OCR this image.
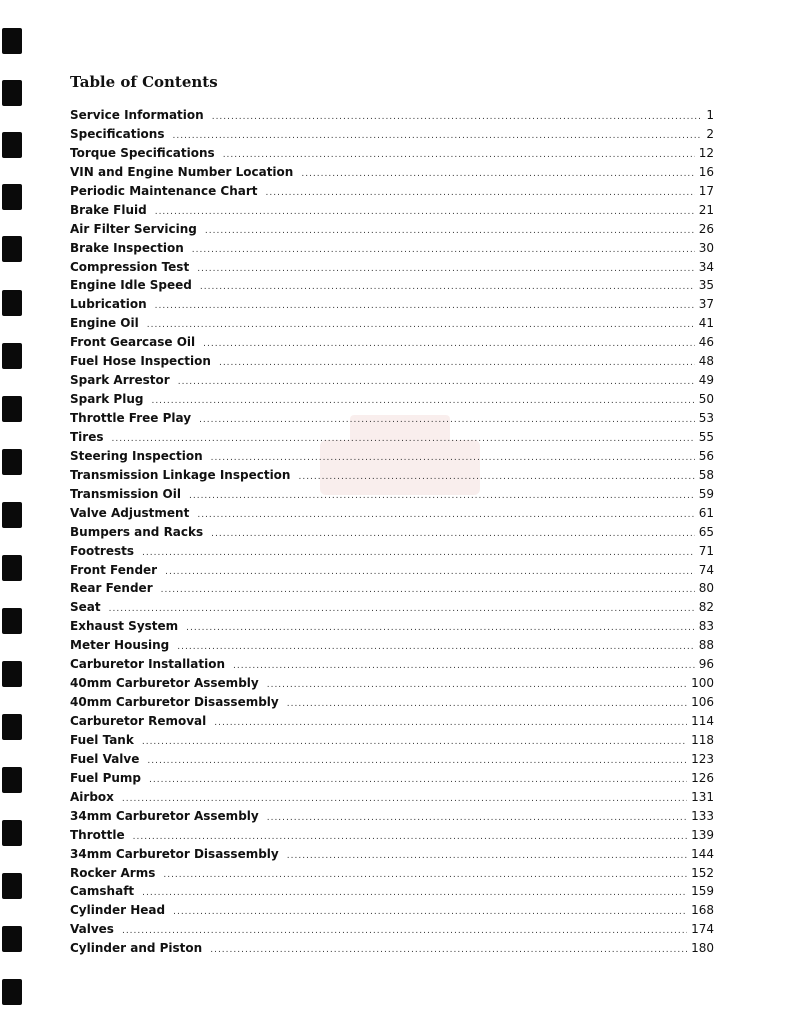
Table of Contents
Service Information .....	1
Specifications .....	2
Torque Specifications .....	12
VIN and Engine Number Location .....	16
Periodic Maintenance Chart .....	17
Brake Fluid .....	21
Air Filter Servicing .....	26
Brake Inspection .....	30
Compression Test .....	34
Engine Idle Speed .....	35
Lubrication .....	37
Engine Oil .....	41
Front Gearcase Oil .....	46
Fuel Hose Inspection .....	48
Spark Arrestor .....	49
Spark Plug .....	50
Throttle Free Play .....	53
Tires .....	55
Steering Inspection .....	56
Transmission Linkage Inspection .....	58
Transmission Oil .....	59
Valve Adjustment .....	61
Bumpers and Racks .....	65
Footrests .....	71
Front Fender .....	74
Rear Fender .....	80
Seat .....	82
Exhaust System .....	83
Meter Housing .....	88
Carburetor Installation .....	96
40mm Carburetor Assembly .....	100
40mm Carburetor Disassembly .....	106
Carburetor Removal .....	114
Fuel Tank .....	118
Fuel Valve .....	123
Fuel Pump .....	126
Airbox .....	131
34mm Carburetor Assembly .....	133
Throttle .....	139
34mm Carburetor Disassembly .....	144
Rocker Arms .....	152
Camshaft .....	159
Cylinder Head .....	168
Valves .....	174
Cylinder and Piston .....	180
